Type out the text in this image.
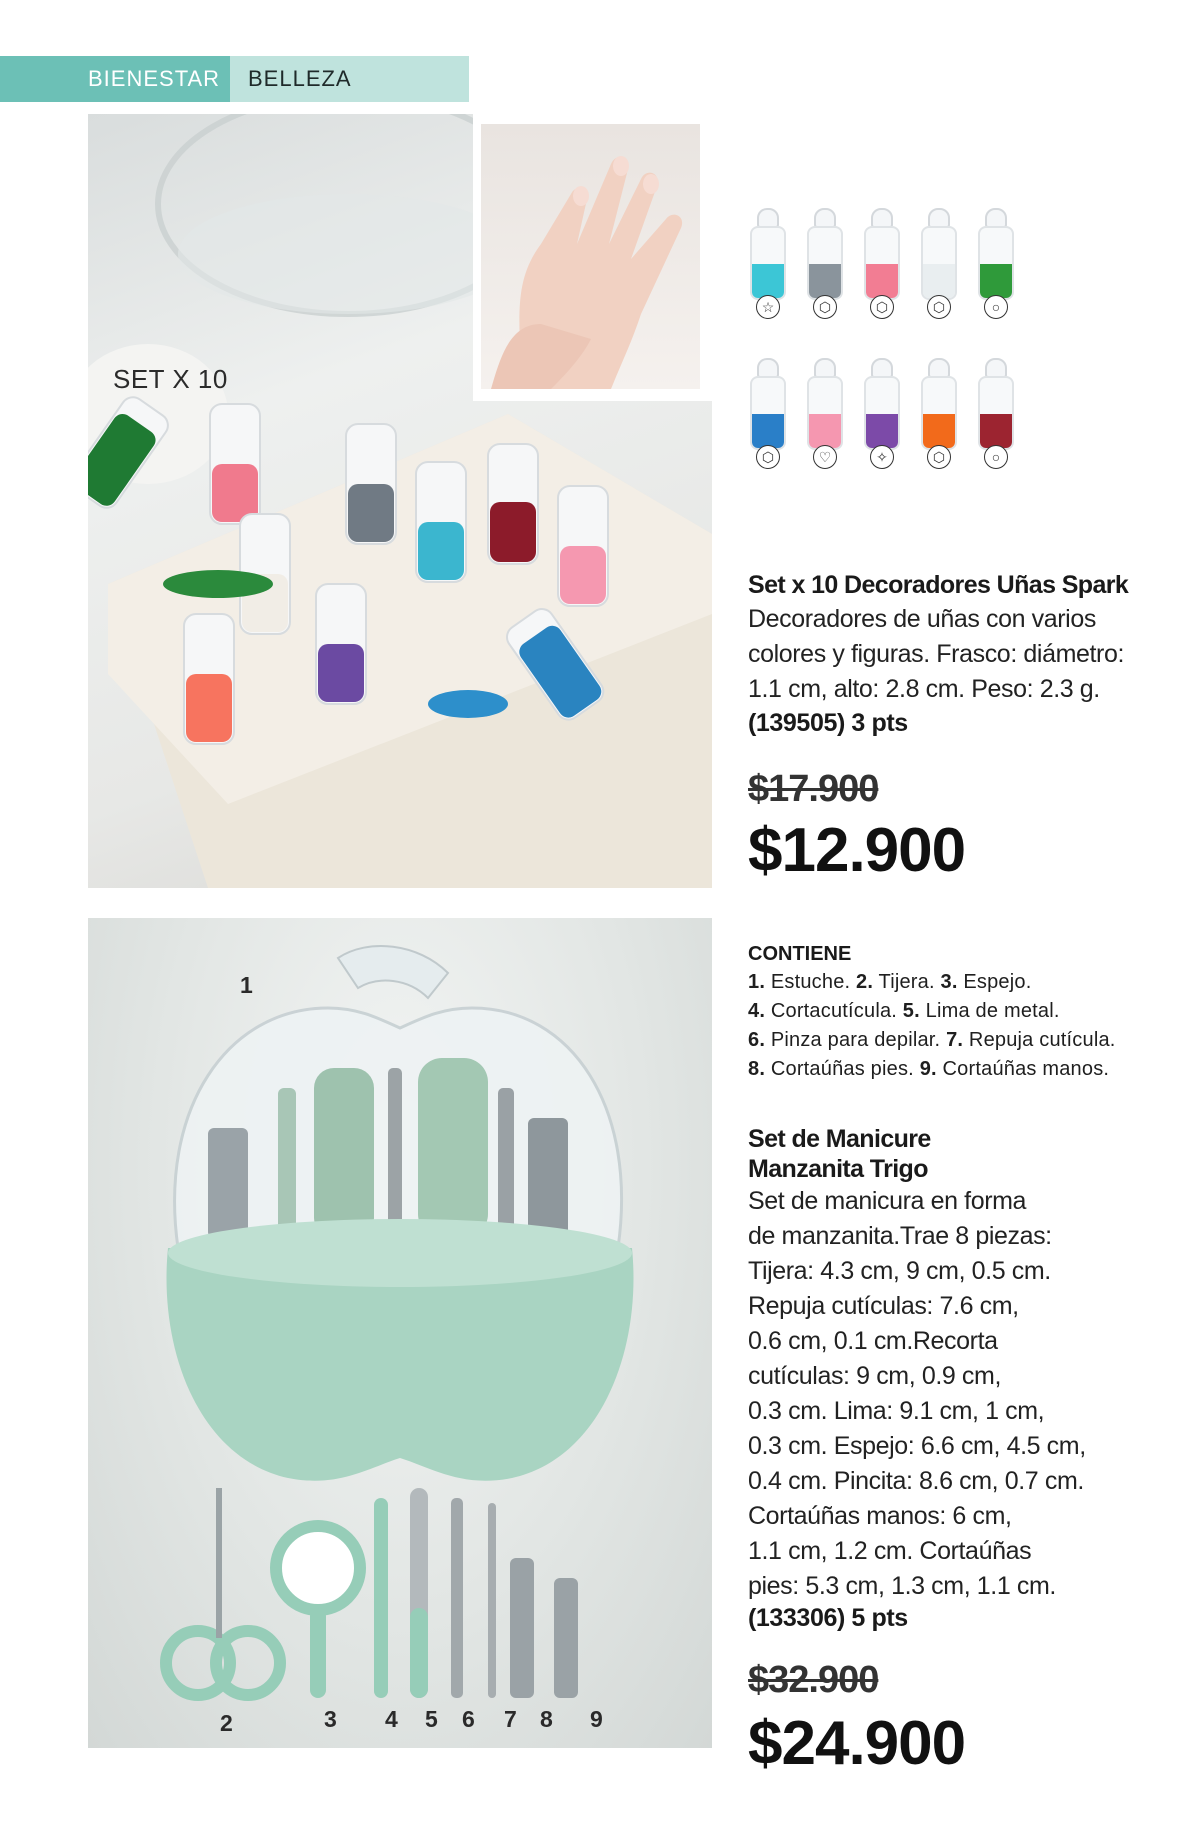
BIENESTAR	BELLEZA
SET X 10
☆	⬡	⬡	⬡	○
⬡	♡	✧	⬡	○
Set x 10 Decoradores Uñas Spark
Decoradores de uñas con varios
colores y figuras. Frasco: diámetro:
1.1 cm, alto: 2.8 cm. Peso: 2.3 g.
(139505) 3 pts
$17.900
$12.900
1
2	3 4 5 6 7 8 9
CONTIENE
1. Estuche. 2. Tijera. 3. Espejo.
4. Cortacutícula. 5. Lima de metal.
6. Pinza para depilar. 7. Repuja cutícula.
8. Cortaúñas pies. 9. Cortaúñas manos.
Set de Manicure
Manzanita Trigo
Set de manicura en forma
de manzanita.Trae 8 piezas:
Tijera: 4.3 cm, 9 cm, 0.5 cm.
Repuja cutículas: 7.6 cm,
0.6 cm, 0.1 cm.Recorta
cutículas: 9 cm, 0.9 cm,
0.3 cm. Lima: 9.1 cm, 1 cm,
0.3 cm. Espejo: 6.6 cm, 4.5 cm,
0.4 cm. Pincita: 8.6 cm, 0.7 cm.
Cortaúñas manos: 6 cm,
1.1 cm, 1.2 cm. Cortaúñas
pies: 5.3 cm, 1.3 cm, 1.1 cm.
(133306) 5 pts
$32.900
$24.900
